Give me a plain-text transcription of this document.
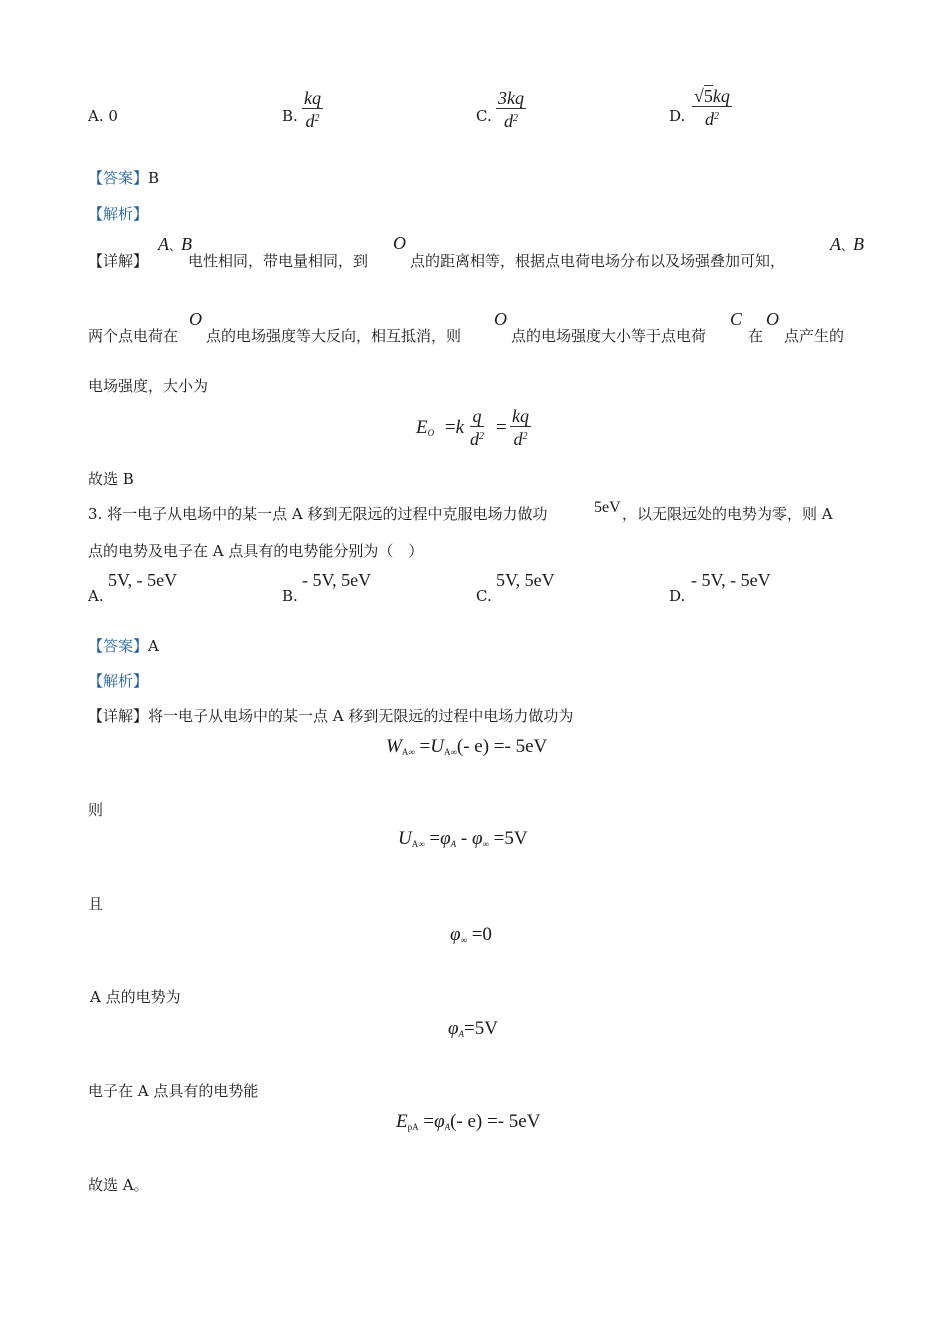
A. 0	B.
kq
$d^2$	C.
3kq
$d^2$	D.
√5kq
$d^2$
【答案】B
【解析】
【详解】
A、B
电性相同，带电量相同，到
O
点的距离相等，根据点电荷电场分布以及场强叠加可知，
A、B
两个点电荷在
O
点的电场强度等大反向，相互抵消，则
O
点的电场强度大小等于点电荷
C
在
O
点产生的
电场强度，大小为
$E_O =k$
q
$d^2$ =
kq
$d^2$
故选 B
3. 将一电子从电场中的某一点 A 移到无限远的过程中克服电场力做功	5eV ，以无限远处的电势为零，则 A
点的电势及电子在 A 点具有的电势能分别为（　）
A.
5V, - 5eV
B.
- 5V, 5eV
C.
5V, 5eV
D.
- 5V, - 5eV
【答案】A
【解析】
【详解】将一电子从电场中的某一点 A 移到无限远的过程中电场力做功为
$W_{A\infty} =U_{A\infty}(-$ e) =- 5eV
则
$U_{A\infty} =\varphi_A - \varphi_\infty =5V$
且
$\varphi_\infty =0$
A 点的电势为
$\varphi_A=5V$
电子在 A 点具有的电势能
$E_{pA} =\varphi_A(-$ e) =- 5eV
故选 A。
